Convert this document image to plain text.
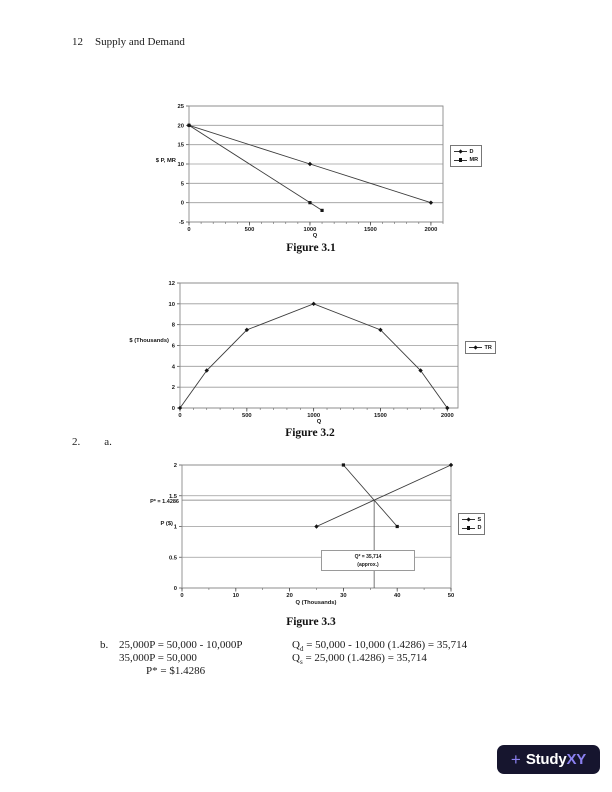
12 Supply and Demand
-5
0
5
10
15
20
25
0	500	1000	1500	2000
$ P, MR
Q
D
MR
Figure 3.1
0
2
4
6
8
10
12
0	500	1000	1500	2000
$ (Thousands)
Q
TR
Figure 3.2
2. a.
0
0.5
1
1.5
2
0	10	20	30	40	50
P ($)
P* = 1.4286
Q* = 35,714
(approx.)
Q (Thousands)
S
D
Figure 3.3
b. 25,000P = 50,000 - 10,000P
35,000P = 50,000
P* = $1.4286
$Q_d = 50,000 - 10,000$ (1.4286) = 35,714
$Q_s = 25,000$ (1.4286) = 35,714
+ StudyXY
